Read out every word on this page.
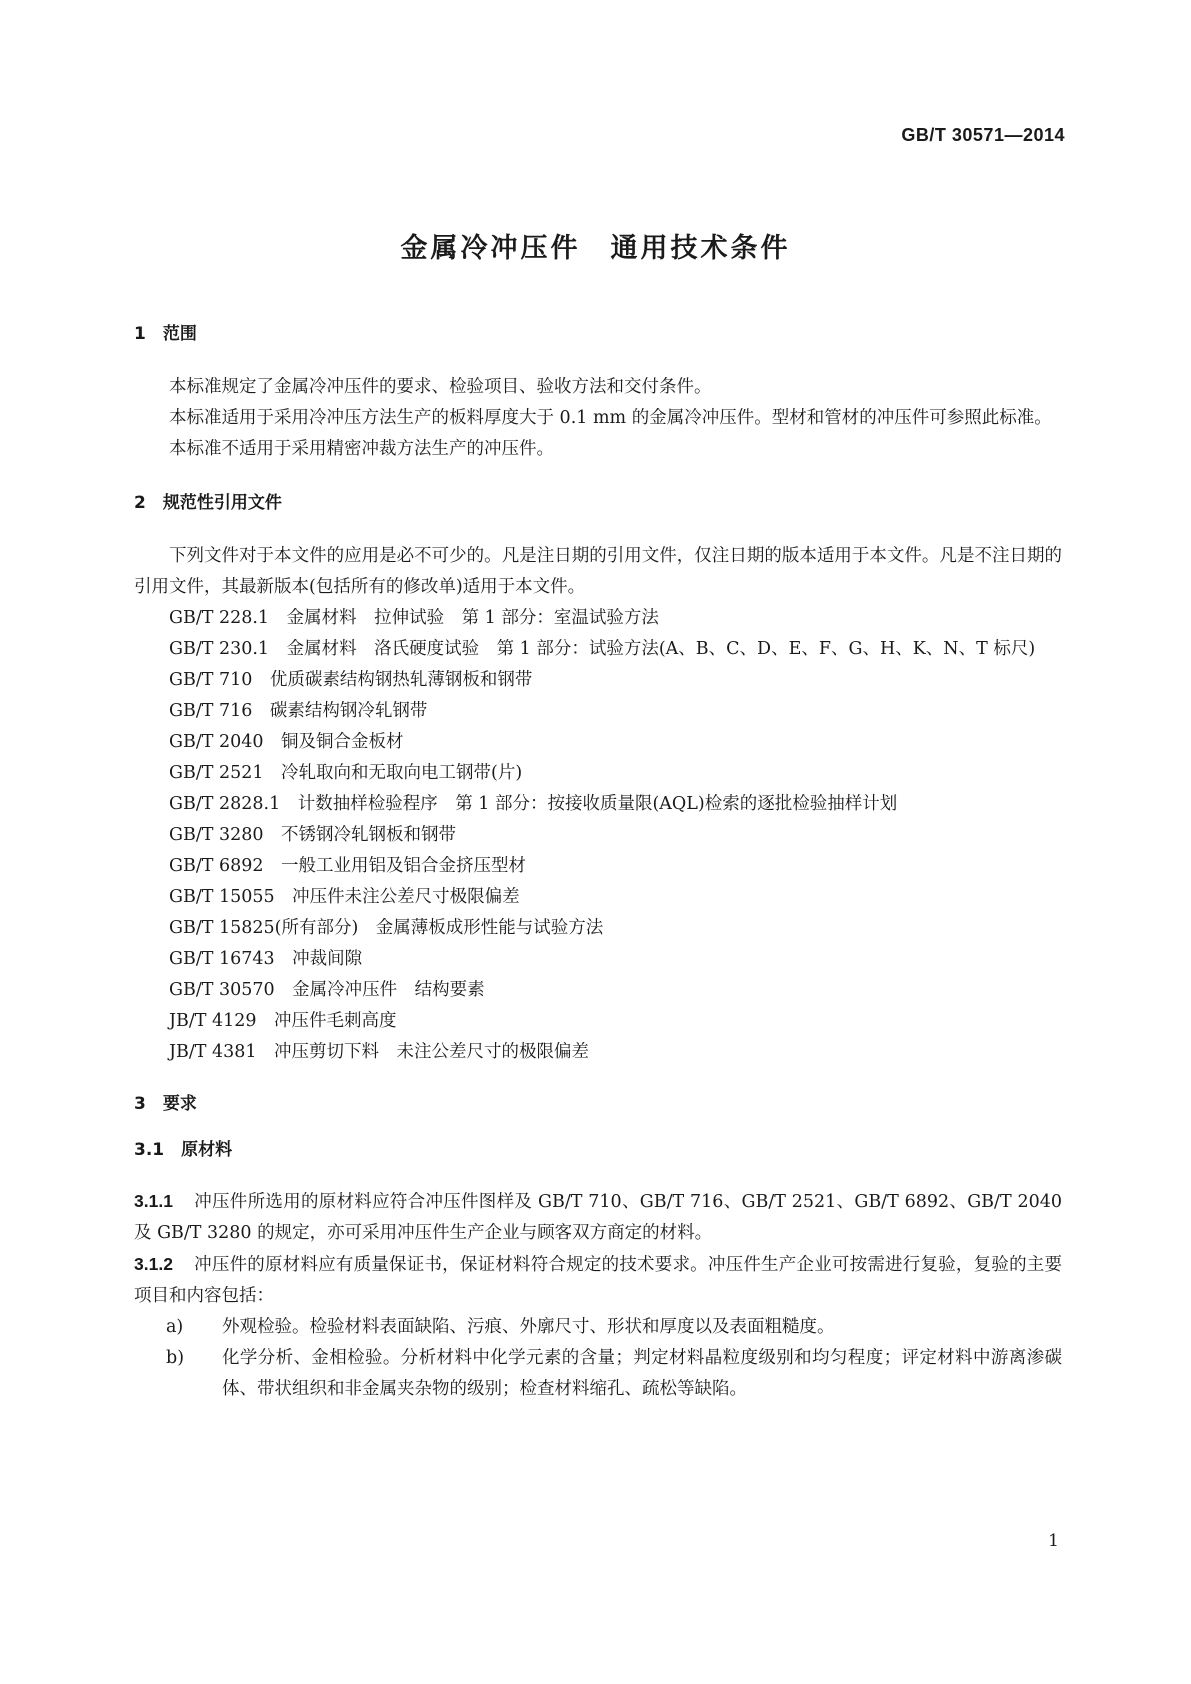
GB/T 30571—2014
金属冷冲压件　通用技术条件
1　范围

本标准规定了金属冷冲压件的要求、检验项目、验收方法和交付条件。

本标准适用于采用冷冲压方法生产的板料厚度大于 0.1 mm 的金属冷冲压件。型材和管材的冲压件可参照此标准。

本标准不适用于采用精密冲裁方法生产的冲压件。

2　规范性引用文件

下列文件对于本文件的应用是必不可少的。凡是注日期的引用文件，仅注日期的版本适用于本文件。凡是不注日期的引用文件，其最新版本(包括所有的修改单)适用于本文件。

GB/T 228.1　金属材料　拉伸试验　第 1 部分：室温试验方法
GB/T 230.1　金属材料　洛氏硬度试验　第 1 部分：试验方法(A、B、C、D、E、F、G、H、K、N、T 标尺)
GB/T 710　优质碳素结构钢热轧薄钢板和钢带
GB/T 716　碳素结构钢冷轧钢带
GB/T 2040　铜及铜合金板材
GB/T 2521　冷轧取向和无取向电工钢带(片)
GB/T 2828.1　计数抽样检验程序　第 1 部分：按接收质量限(AQL)检索的逐批检验抽样计划
GB/T 3280　不锈钢冷轧钢板和钢带
GB/T 6892　一般工业用铝及铝合金挤压型材
GB/T 15055　冲压件未注公差尺寸极限偏差
GB/T 15825(所有部分)　金属薄板成形性能与试验方法
GB/T 16743　冲裁间隙
GB/T 30570　金属冷冲压件　结构要素
JB/T 4129　冲压件毛刺高度
JB/T 4381　冲压剪切下料　未注公差尺寸的极限偏差
3　要求
3.1　原材料

3.1.1 冲压件所选用的原材料应符合冲压件图样及 GB/T 710、GB/T 716、GB/T 2521、GB/T 6892、GB/T 2040 及 GB/T 3280 的规定，亦可采用冲压件生产企业与顾客双方商定的材料。

3.1.2 冲压件的原材料应有质量保证书，保证材料符合规定的技术要求。冲压件生产企业可按需进行复验，复验的主要项目和内容包括：

a)	外观检验。检验材料表面缺陷、污痕、外廓尺寸、形状和厚度以及表面粗糙度。
b)	化学分析、金相检验。分析材料中化学元素的含量；判定材料晶粒度级别和均匀程度；评定材料中游离渗碳体、带状组织和非金属夹杂物的级别；检查材料缩孔、疏松等缺陷。
1
